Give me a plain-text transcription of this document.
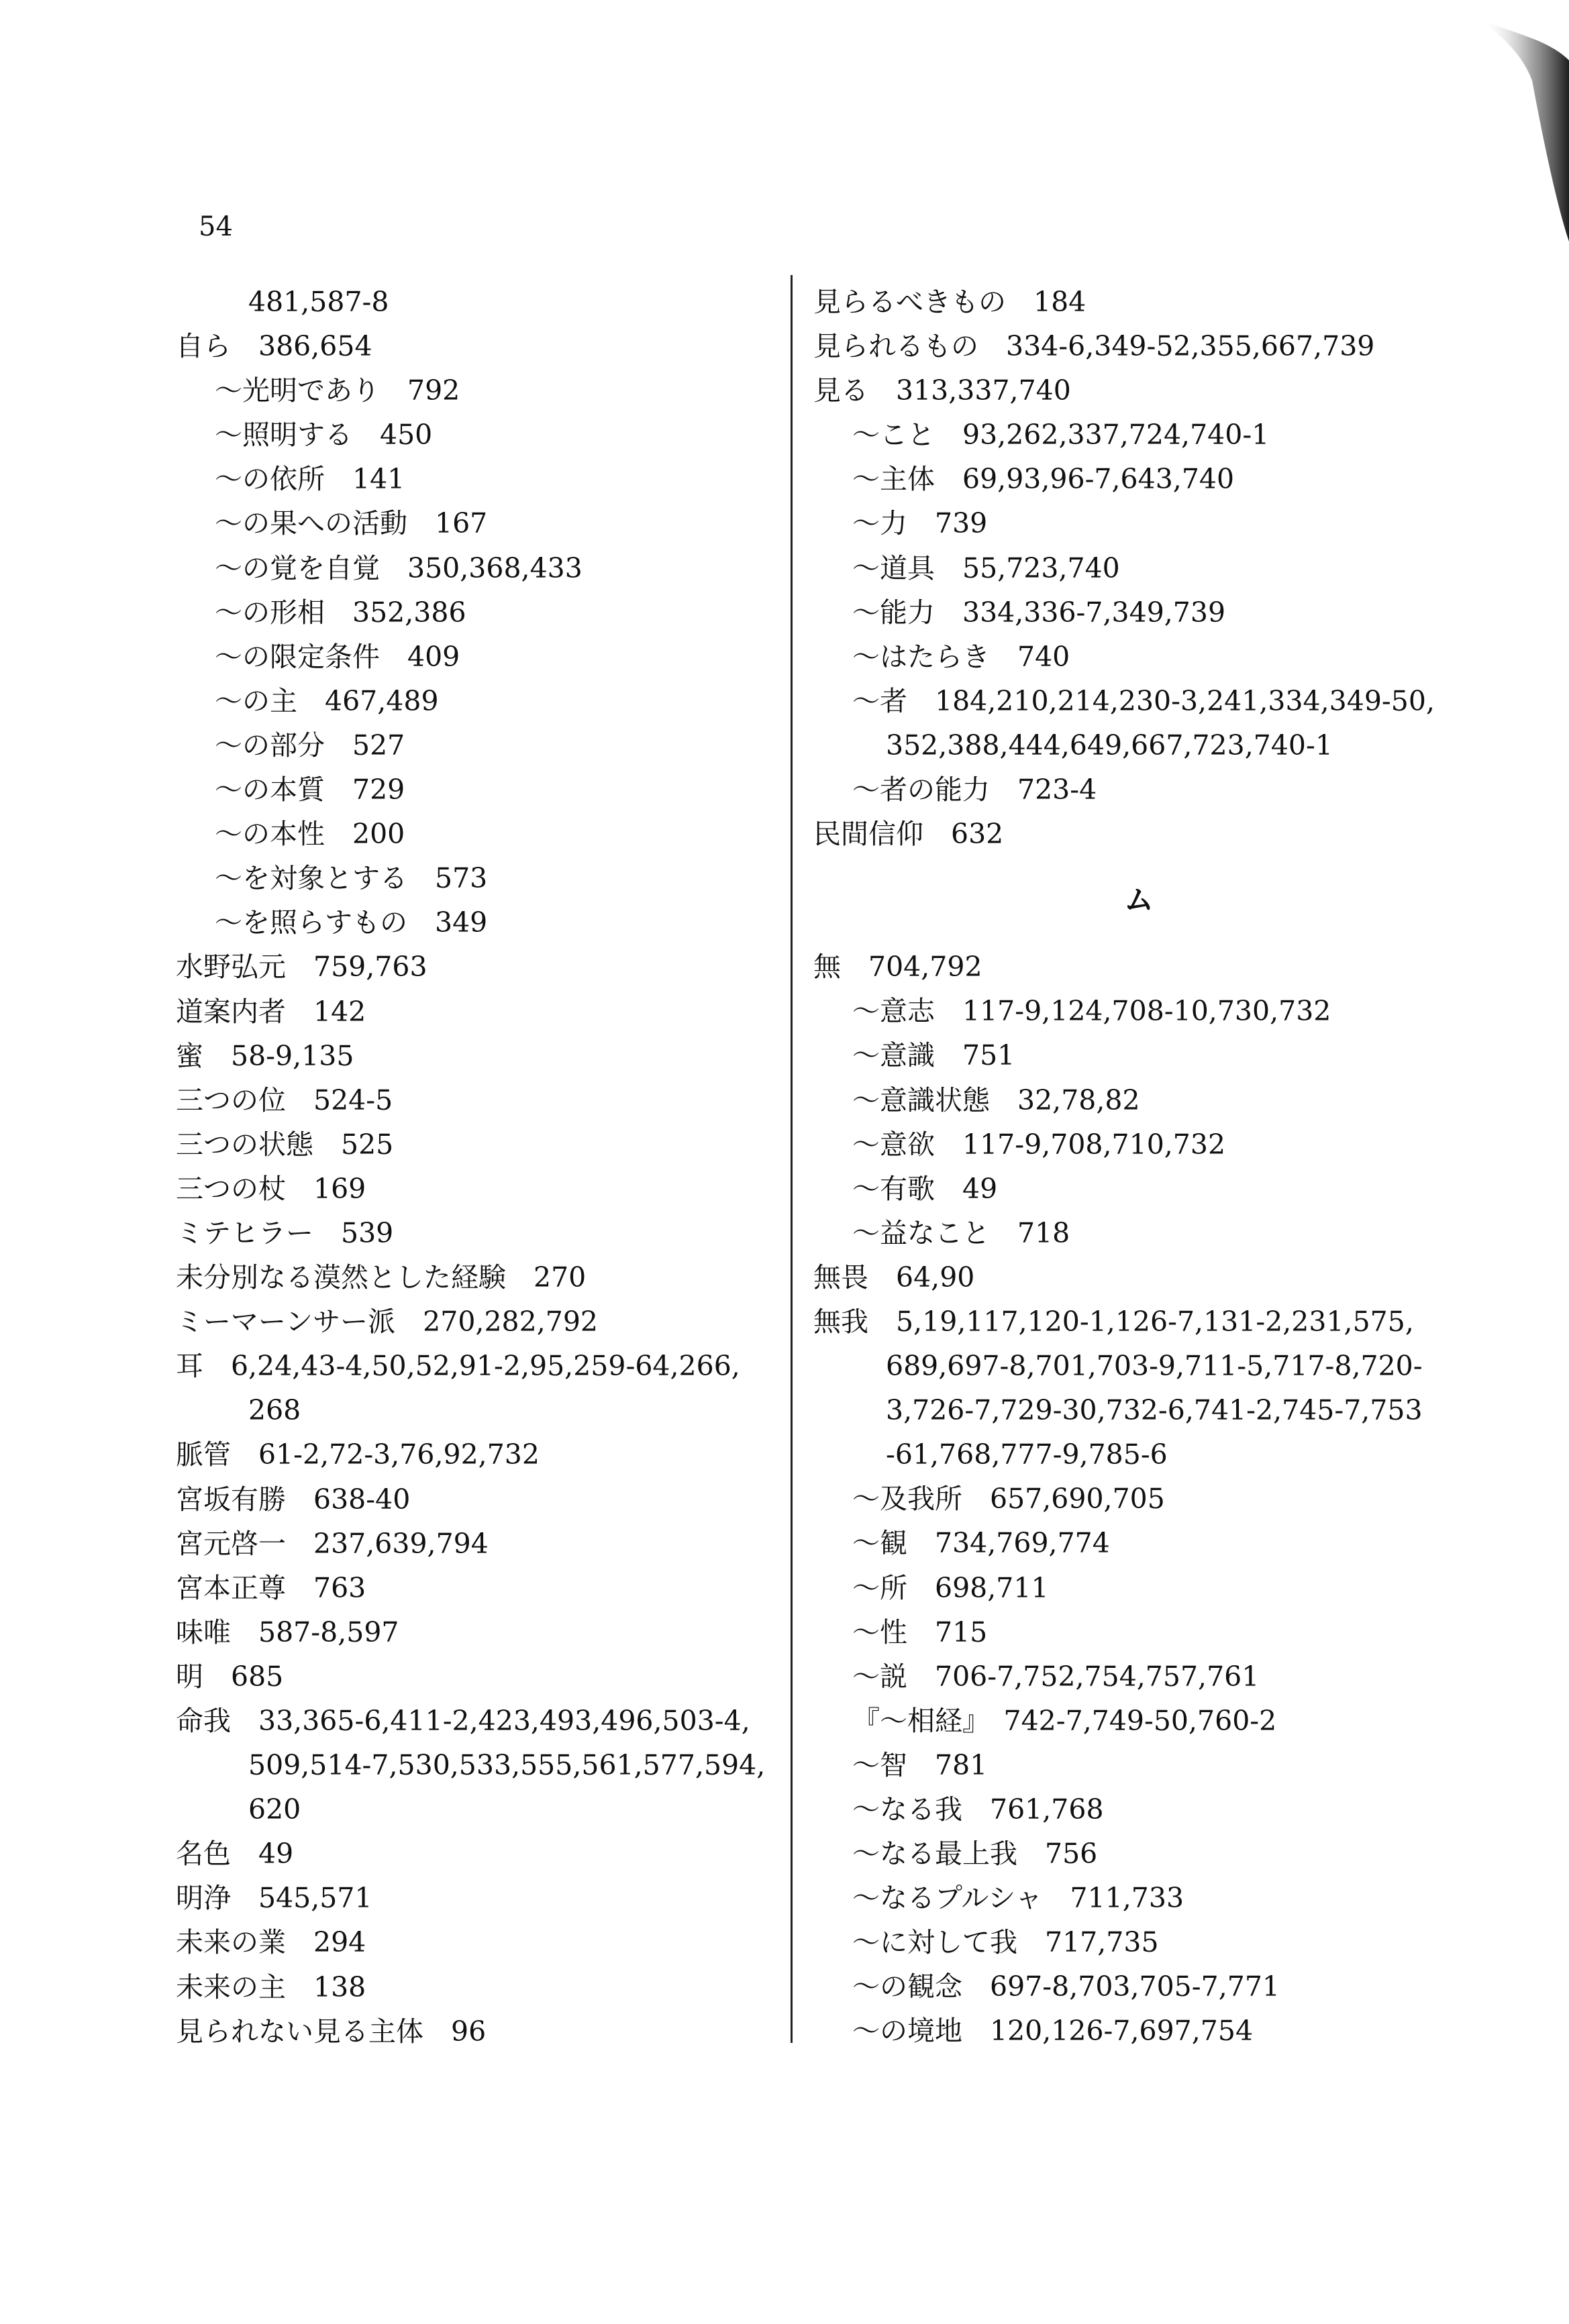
54
481,587-8
自ら　386,654
～光明であり　792
～照明する　450
～の依所　141
～の果への活動　167
～の覚を自覚　350,368,433
～の形相　352,386
～の限定条件　409
～の主　467,489
～の部分　527
～の本質　729
～の本性　200
～を対象とする　573
～を照らすもの　349
水野弘元　759,763
道案内者　142
蜜　58-9,135
三つの位　524-5
三つの状態　525
三つの杖　169
ミテヒラー　539
未分別なる漠然とした経験　270
ミーマーンサー派　270,282,792
耳　6,24,43-4,50,52,91-2,95,259-64,266,
268
脈管　61-2,72-3,76,92,732
宮坂有勝　638-40
宮元啓一　237,639,794
宮本正尊　763
味唯　587-8,597
明　685
命我　33,365-6,411-2,423,493,496,503-4,
509,514-7,530,533,555,561,577,594,
620
名色　49
明浄　545,571
未来の業　294
未来の主　138
見られない見る主体　96
見らるべきもの　184
見られるもの　334-6,349-52,355,667,739
見る　313,337,740
～こと　93,262,337,724,740-1
～主体　69,93,96-7,643,740
～力　739
～道具　55,723,740
～能力　334,336-7,349,739
～はたらき　740
～者　184,210,214,230-3,241,334,349-50,
352,388,444,649,667,723,740-1
～者の能力　723-4
民間信仰　632
ム
無　704,792
～意志　117-9,124,708-10,730,732
～意識　751
～意識状態　32,78,82
～意欲　117-9,708,710,732
～有歌　49
～益なこと　718
無畏　64,90
無我　5,19,117,120-1,126-7,131-2,231,575,
689,697-8,701,703-9,711-5,717-8,720-
3,726-7,729-30,732-6,741-2,745-7,753
-61,768,777-9,785-6
～及我所　657,690,705
～観　734,769,774
～所　698,711
～性　715
～説　706-7,752,754,757,761
『～相経』　742-7,749-50,760-2
～智　781
～なる我　761,768
～なる最上我　756
～なるプルシャ　711,733
～に対して我　717,735
～の観念　697-8,703,705-7,771
～の境地　120,126-7,697,754
